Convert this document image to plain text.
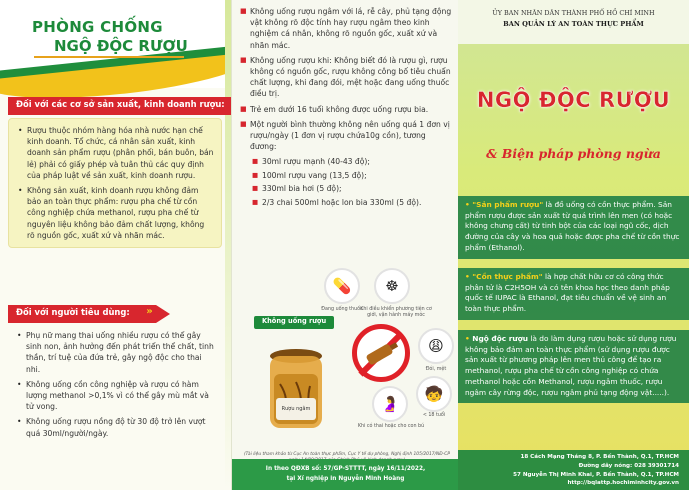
PHÒNG CHỐNG
NGỘ ĐỘC RƯỢU
Đối với các cơ sở sản xuất, kinh doanh rượu:
• Rượu thuộc nhóm hàng hóa nhà nước hạn chế kinh doanh. Tổ chức, cá nhân sản xuất, kinh doanh sản phẩm rượu (phân phối, bán buôn, bán lẻ) phải có giấy phép và tuân thủ các quy định của pháp luật về sản xuất, kinh doanh rượu.
• Không sản xuất, kinh doanh rượu không đảm bảo an toàn thực phẩm: rượu pha chế từ cồn công nghiệp chứa methanol, rượu pha chế từ nguyên liệu không bảo đảm chất lượng, không rõ nguồn gốc, xuất xứ và nhãn mác.
Đối với người tiêu dùng: »
• Phụ nữ mang thai uống nhiều rượu có thể gây sinh non, ảnh hưởng đến phát triển thể chất, tinh thần, trí tuệ của đứa trẻ, gây ngộ độc cho thai nhi.
• Không uống cồn công nghiệp và rượu có hàm lượng methanol >0,1% vì có thể gây mù mắt và tử vong.
• Không uống rượu nồng độ từ 30 độ trở lên vượt quá 30ml/người/ngày.
■ Không uống rượu ngâm với lá, rễ cây, phủ tạng động vật không rõ độc tính hay rượu ngâm theo kinh nghiệm cá nhân, không rõ nguồn gốc, xuất xứ và nhãn mác.
■ Không uống rượu khi: Không biết đó là rượu gì, rượu không có nguồn gốc, rượu không công bố tiêu chuẩn chất lượng, khi đang đói, mệt hoặc đang uống thuốc điều trị.
■ Trẻ em dưới 16 tuổi không được uống rượu bia.
■ Một người bình thường không nên uống quá 1 đơn vị rượu/ngày (1 đơn vị rượu chứa10g cồn), tương đương:
■ 30ml rượu mạnh (40-43 độ);
■ 100ml rượu vang (13,5 độ);
■ 330ml bia hơi (5 độ);
■ 2/3 chai 500ml hoặc lon bia 330ml (5 độ).
💊
Đang uống thuốc
☸
Khi điều khiển phương tiện cơ giới, vận hành máy móc
Không uống rượu
😩
Đói, mệt
🧒
< 18 tuổi
🤰
Khi có thai hoặc cho con bú
Rượu ngâm
(Tài liệu tham khảo từ Cục An toàn thực phẩm, Cục Y tế dự phòng, Nghị định 105/2017/NĐ-CP
In theo QĐXB số: 57/GP-STTTT, ngày 16/11/2022,
tại Xí nghiệp in Nguyễn Minh Hoàng
ỦY BAN NHÂN DÂN THÀNH PHỐ HỒ CHÍ MINH
BAN QUẢN LÝ AN TOÀN THỰC PHẨM
NGỘ ĐỘC RƯỢU
& Biện pháp phòng ngừa
• "Sản phẩm rượu" là đồ uống có cồn thực phẩm. Sản phẩm rượu được sản xuất từ quá trình lên men (có hoặc không chưng cất) từ tinh bột của các loại ngũ cốc, dịch đường của cây và hoa quả hoặc được pha chế từ cồn thực phẩm (Ethanol).
• "Cồn thực phẩm" là hợp chất hữu cơ có công thức phân tử là C2H5OH và có tên khoa học theo danh pháp quốc tế IUPAC là Ethanol, đạt tiêu chuẩn về vệ sinh an toàn thực phẩm.
• Ngộ độc rượu là do làm dụng rượu hoặc sử dụng rượu không bảo đảm an toàn thực phẩm (sử dụng rượu được sản xuất từ phương pháp lên men thủ công để tạo ra methanol, rượu pha chế từ cồn công nghiệp có chứa methanol hoặc cồn Methanol, rượu ngâm thuốc, rượu ngâm cây rừng độc, rượu ngâm phủ tạng động vật.....).
18 Cách Mạng Tháng 8, P. Bến Thành, Q.1, TP.HCM
Đường dây nóng: 028 39301714
57 Nguyễn Thị Minh Khai, P. Bến Thành, Q.1, TP.HCM
http://bqlattp.hochiminhcity.gov.vn
